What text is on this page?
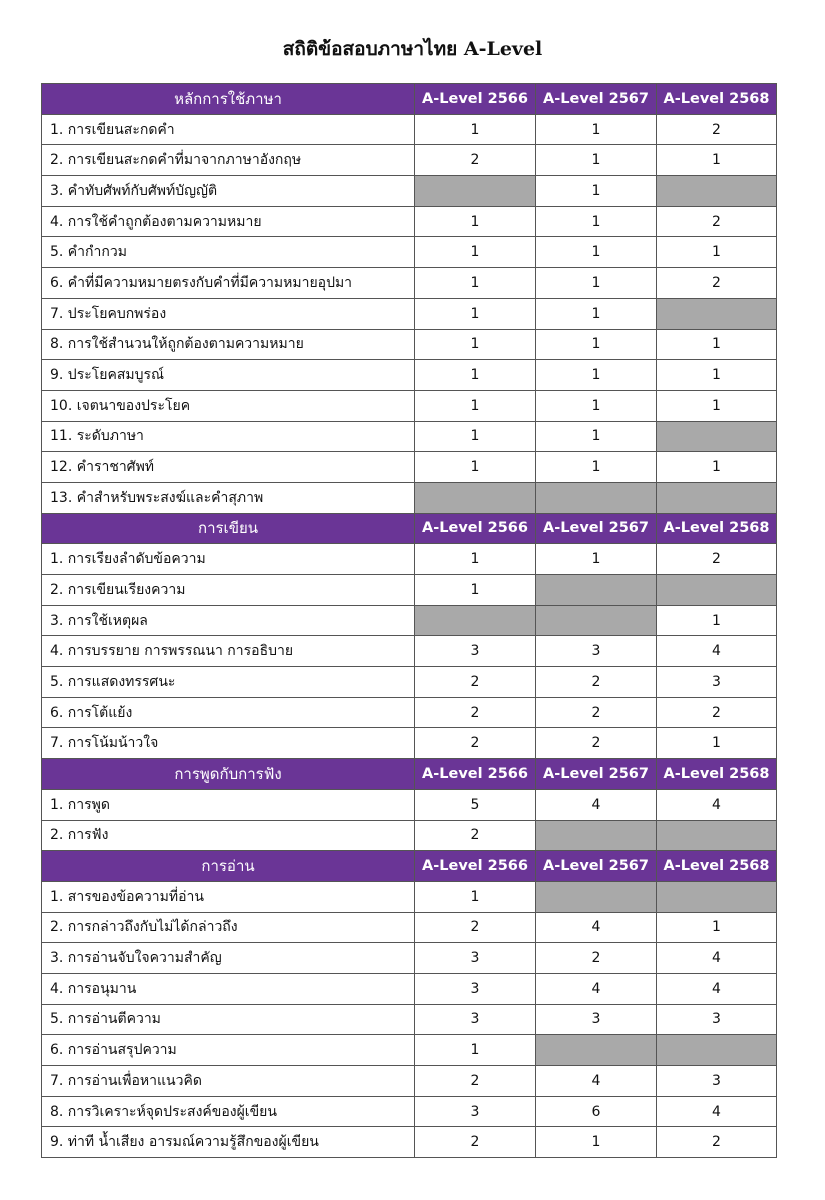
สถิติข้อสอบภาษาไทย A-Level
หลักการใช้ภาษา	A-Level 2566	A-Level 2567	A-Level 2568
1. การเขียนสะกดคำ	1	1	2
2. การเขียนสะกดคำที่มาจากภาษาอังกฤษ	2	1	1
3. คำทับศัพท์กับศัพท์บัญญัติ		1	
4. การใช้คำถูกต้องตามความหมาย	1	1	2
5. คำกำกวม	1	1	1
6. คำที่มีความหมายตรงกับคำที่มีความหมายอุปมา	1	1	2
7. ประโยคบกพร่อง	1	1	
8. การใช้สำนวนให้ถูกต้องตามความหมาย	1	1	1
9. ประโยคสมบูรณ์	1	1	1
10. เจตนาของประโยค	1	1	1
11. ระดับภาษา	1	1	
12. คำราชาศัพท์	1	1	1
13. คำสำหรับพระสงฆ์และคำสุภาพ			
การเขียน	A-Level 2566	A-Level 2567	A-Level 2568
1. การเรียงลำดับข้อความ	1	1	2
2. การเขียนเรียงความ	1		
3. การใช้เหตุผล			1
4. การบรรยาย การพรรณนา การอธิบาย	3	3	4
5. การแสดงทรรศนะ	2	2	3
6. การโต้แย้ง	2	2	2
7. การโน้มน้าวใจ	2	2	1
การพูดกับการฟัง	A-Level 2566	A-Level 2567	A-Level 2568
1. การพูด	5	4	4
2. การฟัง	2		
การอ่าน	A-Level 2566	A-Level 2567	A-Level 2568
1. สารของข้อความที่อ่าน	1		
2. การกล่าวถึงกับไม่ได้กล่าวถึง	2	4	1
3. การอ่านจับใจความสำคัญ	3	2	4
4. การอนุมาน	3	4	4
5. การอ่านตีความ	3	3	3
6. การอ่านสรุปความ	1		
7. การอ่านเพื่อหาแนวคิด	2	4	3
8. การวิเคราะห์จุดประสงค์ของผู้เขียน	3	6	4
9. ท่าที น้ำเสียง อารมณ์ความรู้สึกของผู้เขียน	2	1	2
